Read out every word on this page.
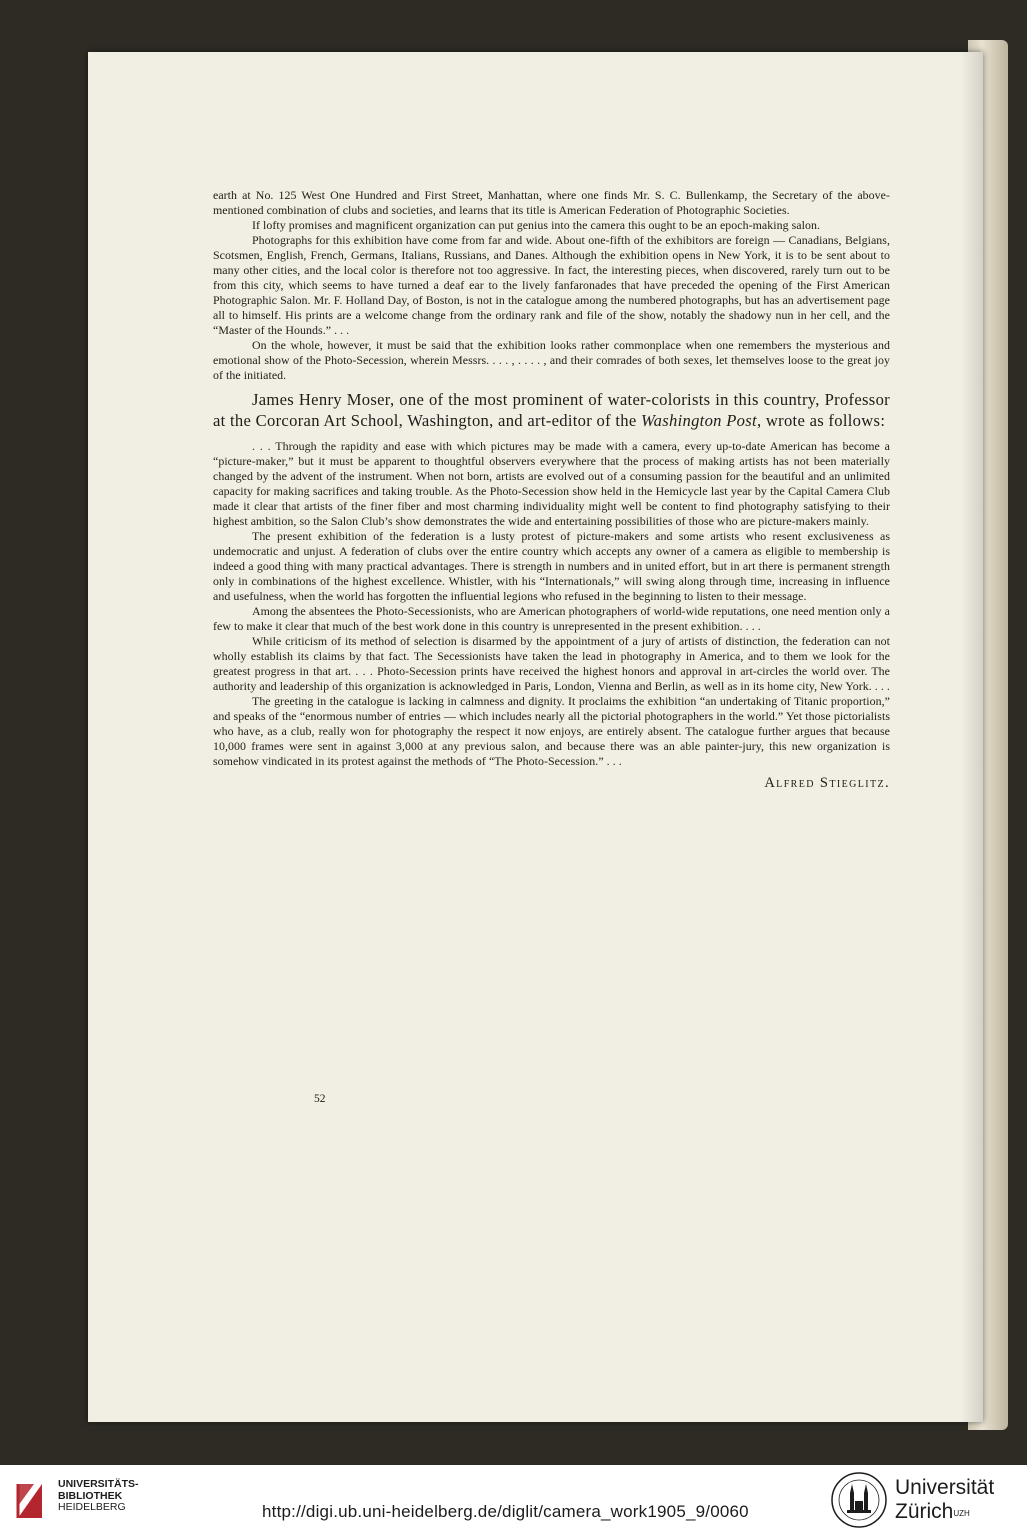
earth at No. 125 West One Hundred and First Street, Manhattan, where one finds Mr. S. C. Bullenkamp, the Secretary of the above-mentioned combination of clubs and societies, and learns that its title is American Federation of Photographic Societies.

If lofty promises and magnificent organization can put genius into the camera this ought to be an epoch-making salon.

Photographs for this exhibition have come from far and wide. About one-fifth of the exhibitors are foreign — Canadians, Belgians, Scotsmen, English, French, Germans, Italians, Russians, and Danes. Although the exhibition opens in New York, it is to be sent about to many other cities, and the local color is therefore not too aggressive. In fact, the interesting pieces, when discovered, rarely turn out to be from this city, which seems to have turned a deaf ear to the lively fanfaronades that have preceded the opening of the First American Photographic Salon. Mr. F. Holland Day, of Boston, is not in the catalogue among the numbered photographs, but has an advertisement page all to himself. His prints are a welcome change from the ordinary rank and file of the show, notably the shadowy nun in her cell, and the “Master of the Hounds.” . . .

On the whole, however, it must be said that the exhibition looks rather commonplace when one remembers the mysterious and emotional show of the Photo-Secession, wherein Messrs. . . . , . . . . , and their comrades of both sexes, let themselves loose to the great joy of the initiated.

James Henry Moser, one of the most prominent of water-colorists in this country, Professor at the Corcoran Art School, Washington, and art-editor of the Washington Post, wrote as follows:

. . . Through the rapidity and ease with which pictures may be made with a camera, every up-to-date American has become a “picture-maker,” but it must be apparent to thoughtful observers everywhere that the process of making artists has not been materially changed by the advent of the instrument. When not born, artists are evolved out of a consuming passion for the beautiful and an unlimited capacity for making sacrifices and taking trouble. As the Photo-Secession show held in the Hemicycle last year by the Capital Camera Club made it clear that artists of the finer fiber and most charming individuality might well be content to find photography satisfying to their highest ambition, so the Salon Club’s show demonstrates the wide and entertaining possibilities of those who are picture-makers mainly.

The present exhibition of the federation is a lusty protest of picture-makers and some artists who resent exclusiveness as undemocratic and unjust. A federation of clubs over the entire country which accepts any owner of a camera as eligible to membership is indeed a good thing with many practical advantages. There is strength in numbers and in united effort, but in art there is permanent strength only in combinations of the highest excellence. Whistler, with his “Internationals,” will swing along through time, increasing in influence and usefulness, when the world has forgotten the influential legions who refused in the beginning to listen to their message.

Among the absentees the Photo-Secessionists, who are American photographers of world-wide reputations, one need mention only a few to make it clear that much of the best work done in this country is unrepresented in the present exhibition. . . .

While criticism of its method of selection is disarmed by the appointment of a jury of artists of distinction, the federation can not wholly establish its claims by that fact. The Secessionists have taken the lead in photography in America, and to them we look for the greatest progress in that art. . . . Photo-Secession prints have received the highest honors and approval in art-circles the world over. The authority and leadership of this organization is acknowledged in Paris, London, Vienna and Berlin, as well as in its home city, New York. . . .

The greeting in the catalogue is lacking in calmness and dignity. It proclaims the exhibition “an undertaking of Titanic proportion,” and speaks of the “enormous number of entries — which includes nearly all the pictorial photographers in the world.” Yet those pictorialists who have, as a club, really won for photography the respect it now enjoys, are entirely absent. The catalogue further argues that because 10,000 frames were sent in against 3,000 at any previous salon, and because there was an able painter-jury, this new organization is somehow vindicated in its protest against the methods of “The Photo-Secession.” . . .

Alfred Stieglitz.
52
UNIVERSITÄTS-
BIBLIOTHEK
HEIDELBERG	http://digi.ub.uni-heidelberg.de/diglit/camera_work1905_9/0060
Universität
Zürich$^{UZH}$
